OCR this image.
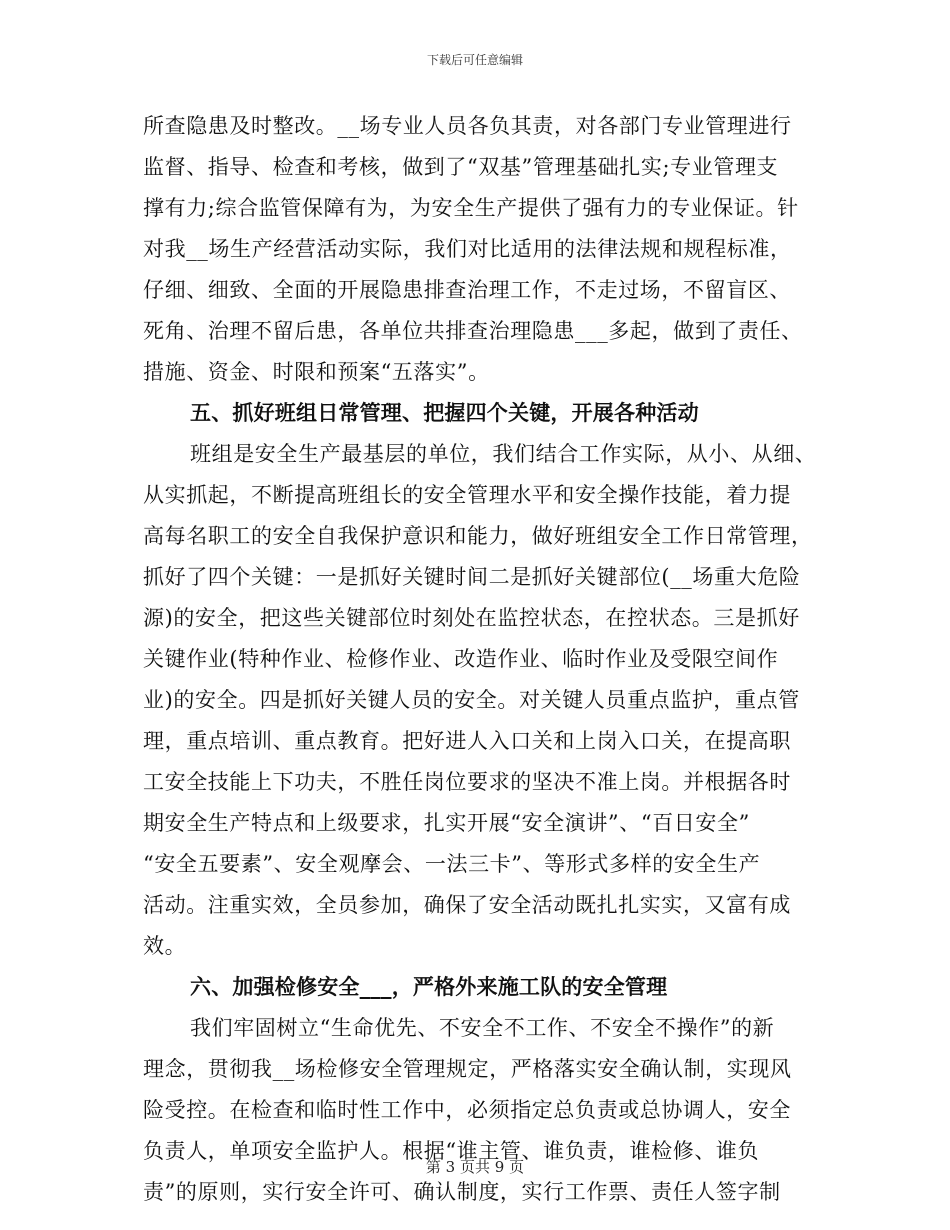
下载后可任意编辑
所查隐患及时整改。__场专业人员各负其责，对各部门专业管理进行
监督、指导、检查和考核，做到了“双基”管理基础扎实;专业管理支
撑有力;综合监管保障有为，为安全生产提供了强有力的专业保证。针
对我__场生产经营活动实际，我们对比适用的法律法规和规程标准，
仔细、细致、全面的开展隐患排查治理工作，不走过场，不留盲区、
死角、治理不留后患，各单位共排查治理隐患___多起，做到了责任、
措施、资金、时限和预案“五落实”。
五、抓好班组日常管理、把握四个关键，开展各种活动
班组是安全生产最基层的单位，我们结合工作实际，从小、从细、
从实抓起，不断提高班组长的安全管理水平和安全操作技能，着力提
高每名职工的安全自我保护意识和能力，做好班组安全工作日常管理，
抓好了四个关键：一是抓好关键时间二是抓好关键部位(__场重大危险
源)的安全，把这些关键部位时刻处在监控状态，在控状态。三是抓好
关键作业(特种作业、检修作业、改造作业、临时作业及受限空间作
业)的安全。四是抓好关键人员的安全。对关键人员重点监护，重点管
理，重点培训、重点教育。把好进人入口关和上岗入口关，在提高职
工安全技能上下功夫，不胜任岗位要求的坚决不准上岗。并根据各时
期安全生产特点和上级要求，扎实开展“安全演讲”、“百日安全”
“安全五要素”、安全观摩会、一法三卡”、等形式多样的安全生产
活动。注重实效，全员参加，确保了安全活动既扎扎实实，又富有成
效。
六、加强检修安全___，严格外来施工队的安全管理
我们牢固树立“生命优先、不安全不工作、不安全不操作”的新
理念，贯彻我__场检修安全管理规定，严格落实安全确认制，实现风
险受控。在检查和临时性工作中，必须指定总负责或总协调人，安全
负责人，单项安全监护人。根据“谁主管、谁负责，谁检修、谁负
责”的原则，实行安全许可、确认制度，实行工作票、责任人签字制
第 3 页共 9 页
